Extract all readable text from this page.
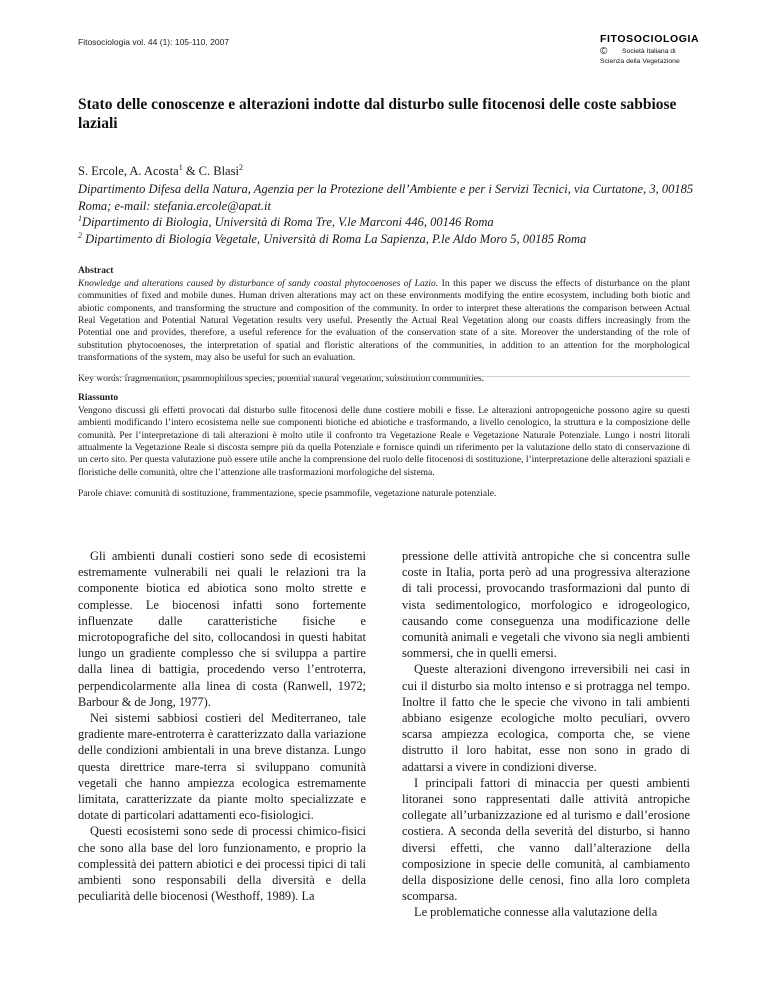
Fitosociologia vol. 44 (1): 105-110, 2007	FITOSOCIOLOGIA
©	Società Italiana di
Scienza della Vegetazione
Stato delle conoscenze e alterazioni indotte dal disturbo sulle fitocenosi delle coste sabbiose laziali
S. Ercole, A. Acosta$^1$ & C. Blasi$^2$
Dipartimento Difesa della Natura, Agenzia per la Protezione dell’Ambiente e per i Servizi Tecnici, via Curtatone, 3, 00185 Roma; e-mail: stefania.ercole@apat.it
$^1$Dipartimento di Biologia, Università di Roma Tre, V.le Marconi 446, 00146 Roma
$^2$ Dipartimento di Biologia Vegetale, Università di Roma La Sapienza, P.le Aldo Moro 5, 00185 Roma
Abstract

Knowledge and alterations caused by disturbance of sandy coastal phytocoenoses of Lazio. In this paper we discuss the effects of disturbance on the plant communities of fixed and mobile dunes. Human driven alterations may act on these environments modifying the entire ecosystem, including both biotic and abiotic components, and transforming the structure and composition of the community. In order to interpret these alterations the comparison between Actual Real Vegetation and Potential Natural Vegetation results very useful. Presently the Actual Real Vegetation along our coasts differs increasingly from the Potential one and provides, therefore, a useful reference for the evaluation of the conservation state of a site. Moreover the understanding of the role of substitution phytocoenoses, the interpretation of spatial and floristic alterations of the communities, in addition to an attention for the morphological transformations of the system, may also be useful for such an evaluation.

Key words: fragmentation, psammophilous species, potential natural vegetation, substitution communities.
Riassunto

Vengono discussi gli effetti provocati dal disturbo sulle fitocenosi delle dune costiere mobili e fisse. Le alterazioni antropogeniche possono agire su questi ambienti modificando l’intero ecosistema nelle sue componenti biotiche ed abiotiche e trasformando, a livello cenologico, la struttura e la composizione delle comunità. Per l’interpretazione di tali alterazioni è molto utile il confronto tra Vegetazione Reale e Vegetazione Naturale Potenziale. Lungo i nostri litorali attualmente la Vegetazione Reale si discosta sempre più da quella Potenziale e fornisce quindi un riferimento per la valutazione dello stato di conservazione di un certo sito. Per questa valutazione può essere utile anche la comprensione del ruolo delle fitocenosi di sostituzione, l’interpretazione delle alterazioni spaziali e floristiche delle comunità, oltre che l’attenzione alle trasformazioni morfologiche del sistema.

Parole chiave: comunità di sostituzione, frammentazione, specie psammofile, vegetazione naturale potenziale.

Gli ambienti dunali costieri sono sede di ecosistemi estremamente vulnerabili nei quali le relazioni tra la componente biotica ed abiotica sono molto strette e complesse. Le biocenosi infatti sono fortemente influenzate dalle caratteristiche fisiche e microtopografiche del sito, collocandosi in questi habitat lungo un gradiente complesso che si sviluppa a partire dalla linea di battigia, procedendo verso l’entroterra, perpendicolarmente alla linea di costa (Ranwell, 1972; Barbour & de Jong, 1977).

Nei sistemi sabbiosi costieri del Mediterraneo, tale gradiente mare-entroterra è caratterizzato dalla variazione delle condizioni ambientali in una breve distanza. Lungo questa direttrice mare-terra si sviluppano comunità vegetali che hanno ampiezza ecologica estremamente limitata, caratterizzate da piante molto specializzate e dotate di particolari adattamenti eco-fisiologici.

Questi ecosistemi sono sede di processi chimico-fisici che sono alla base del loro funzionamento, e proprio la complessità dei pattern abiotici e dei processi tipici di tali ambienti sono responsabili della diversità e della peculiarità delle biocenosi (Westhoff, 1989). La

pressione delle attività antropiche che si concentra sulle coste in Italia, porta però ad una progressiva alterazione di tali processi, provocando trasformazioni dal punto di vista sedimentologico, morfologico e idrogeologico, causando come conseguenza una modificazione delle comunità animali e vegetali che vivono sia negli ambienti sommersi, che in quelli emersi.

Queste alterazioni divengono irreversibili nei casi in cui il disturbo sia molto intenso e si protragga nel tempo. Inoltre il fatto che le specie che vivono in tali ambienti abbiano esigenze ecologiche molto peculiari, ovvero scarsa ampiezza ecologica, comporta che, se viene distrutto il loro habitat, esse non sono in grado di adattarsi a vivere in condizioni diverse.

I principali fattori di minaccia per questi ambienti litoranei sono rappresentati dalle attività antropiche collegate all’urbanizzazione ed al turismo e dall’erosione costiera. A seconda della severità del disturbo, si hanno diversi effetti, che vanno dall’alterazione della composizione in specie delle comunità, al cambiamento della disposizione delle cenosi, fino alla loro completa scomparsa.

Le problematiche connesse alla valutazione della
